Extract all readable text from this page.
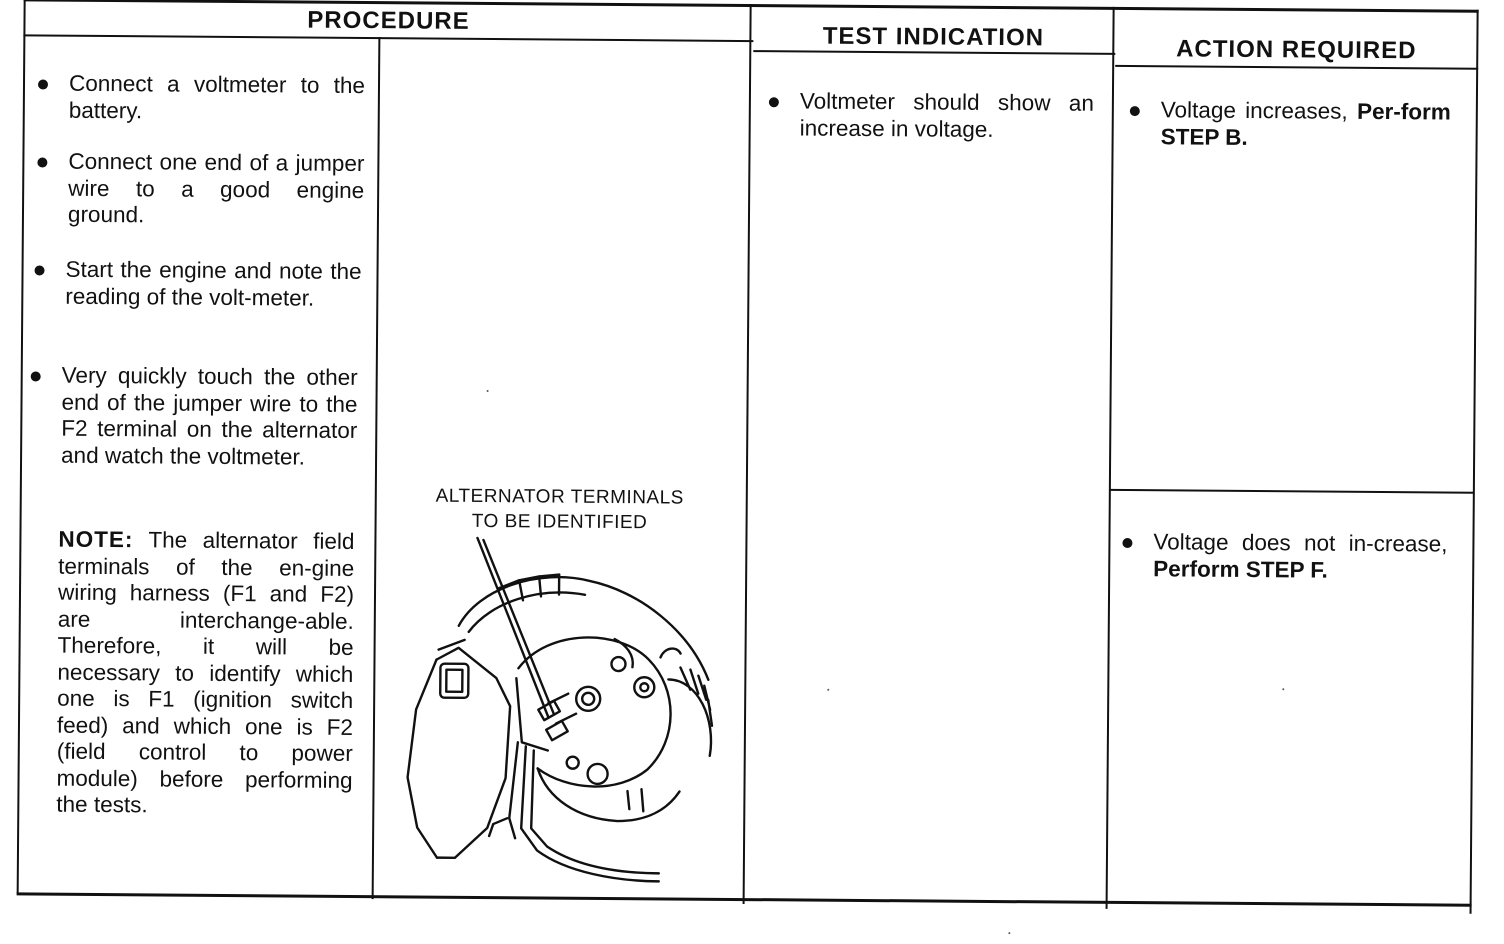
PROCEDURE
TEST INDICATION	ACTION REQUIRED
Connect a voltmeter to the battery.
Connect one end of a jumper wire to a good engine ground.
Start the engine and note the reading of the volt-meter.
Very quickly touch the other end of the jumper wire to the F2 terminal on the alternator and watch the voltmeter.
NOTE: The alternator field terminals of the en-gine wiring harness (F1 and F2) are interchange-able. Therefore, it will be necessary to identify which one is F1 (ignition switch feed) and which one is F2 (field control to power module) before performing the tests.
ALTERNATOR TERMINALS
TO BE IDENTIFIED
Voltmeter should show an increase in voltage.
Voltage increases, Per-form STEP B.
Voltage does not in-crease, Perform STEP F.
